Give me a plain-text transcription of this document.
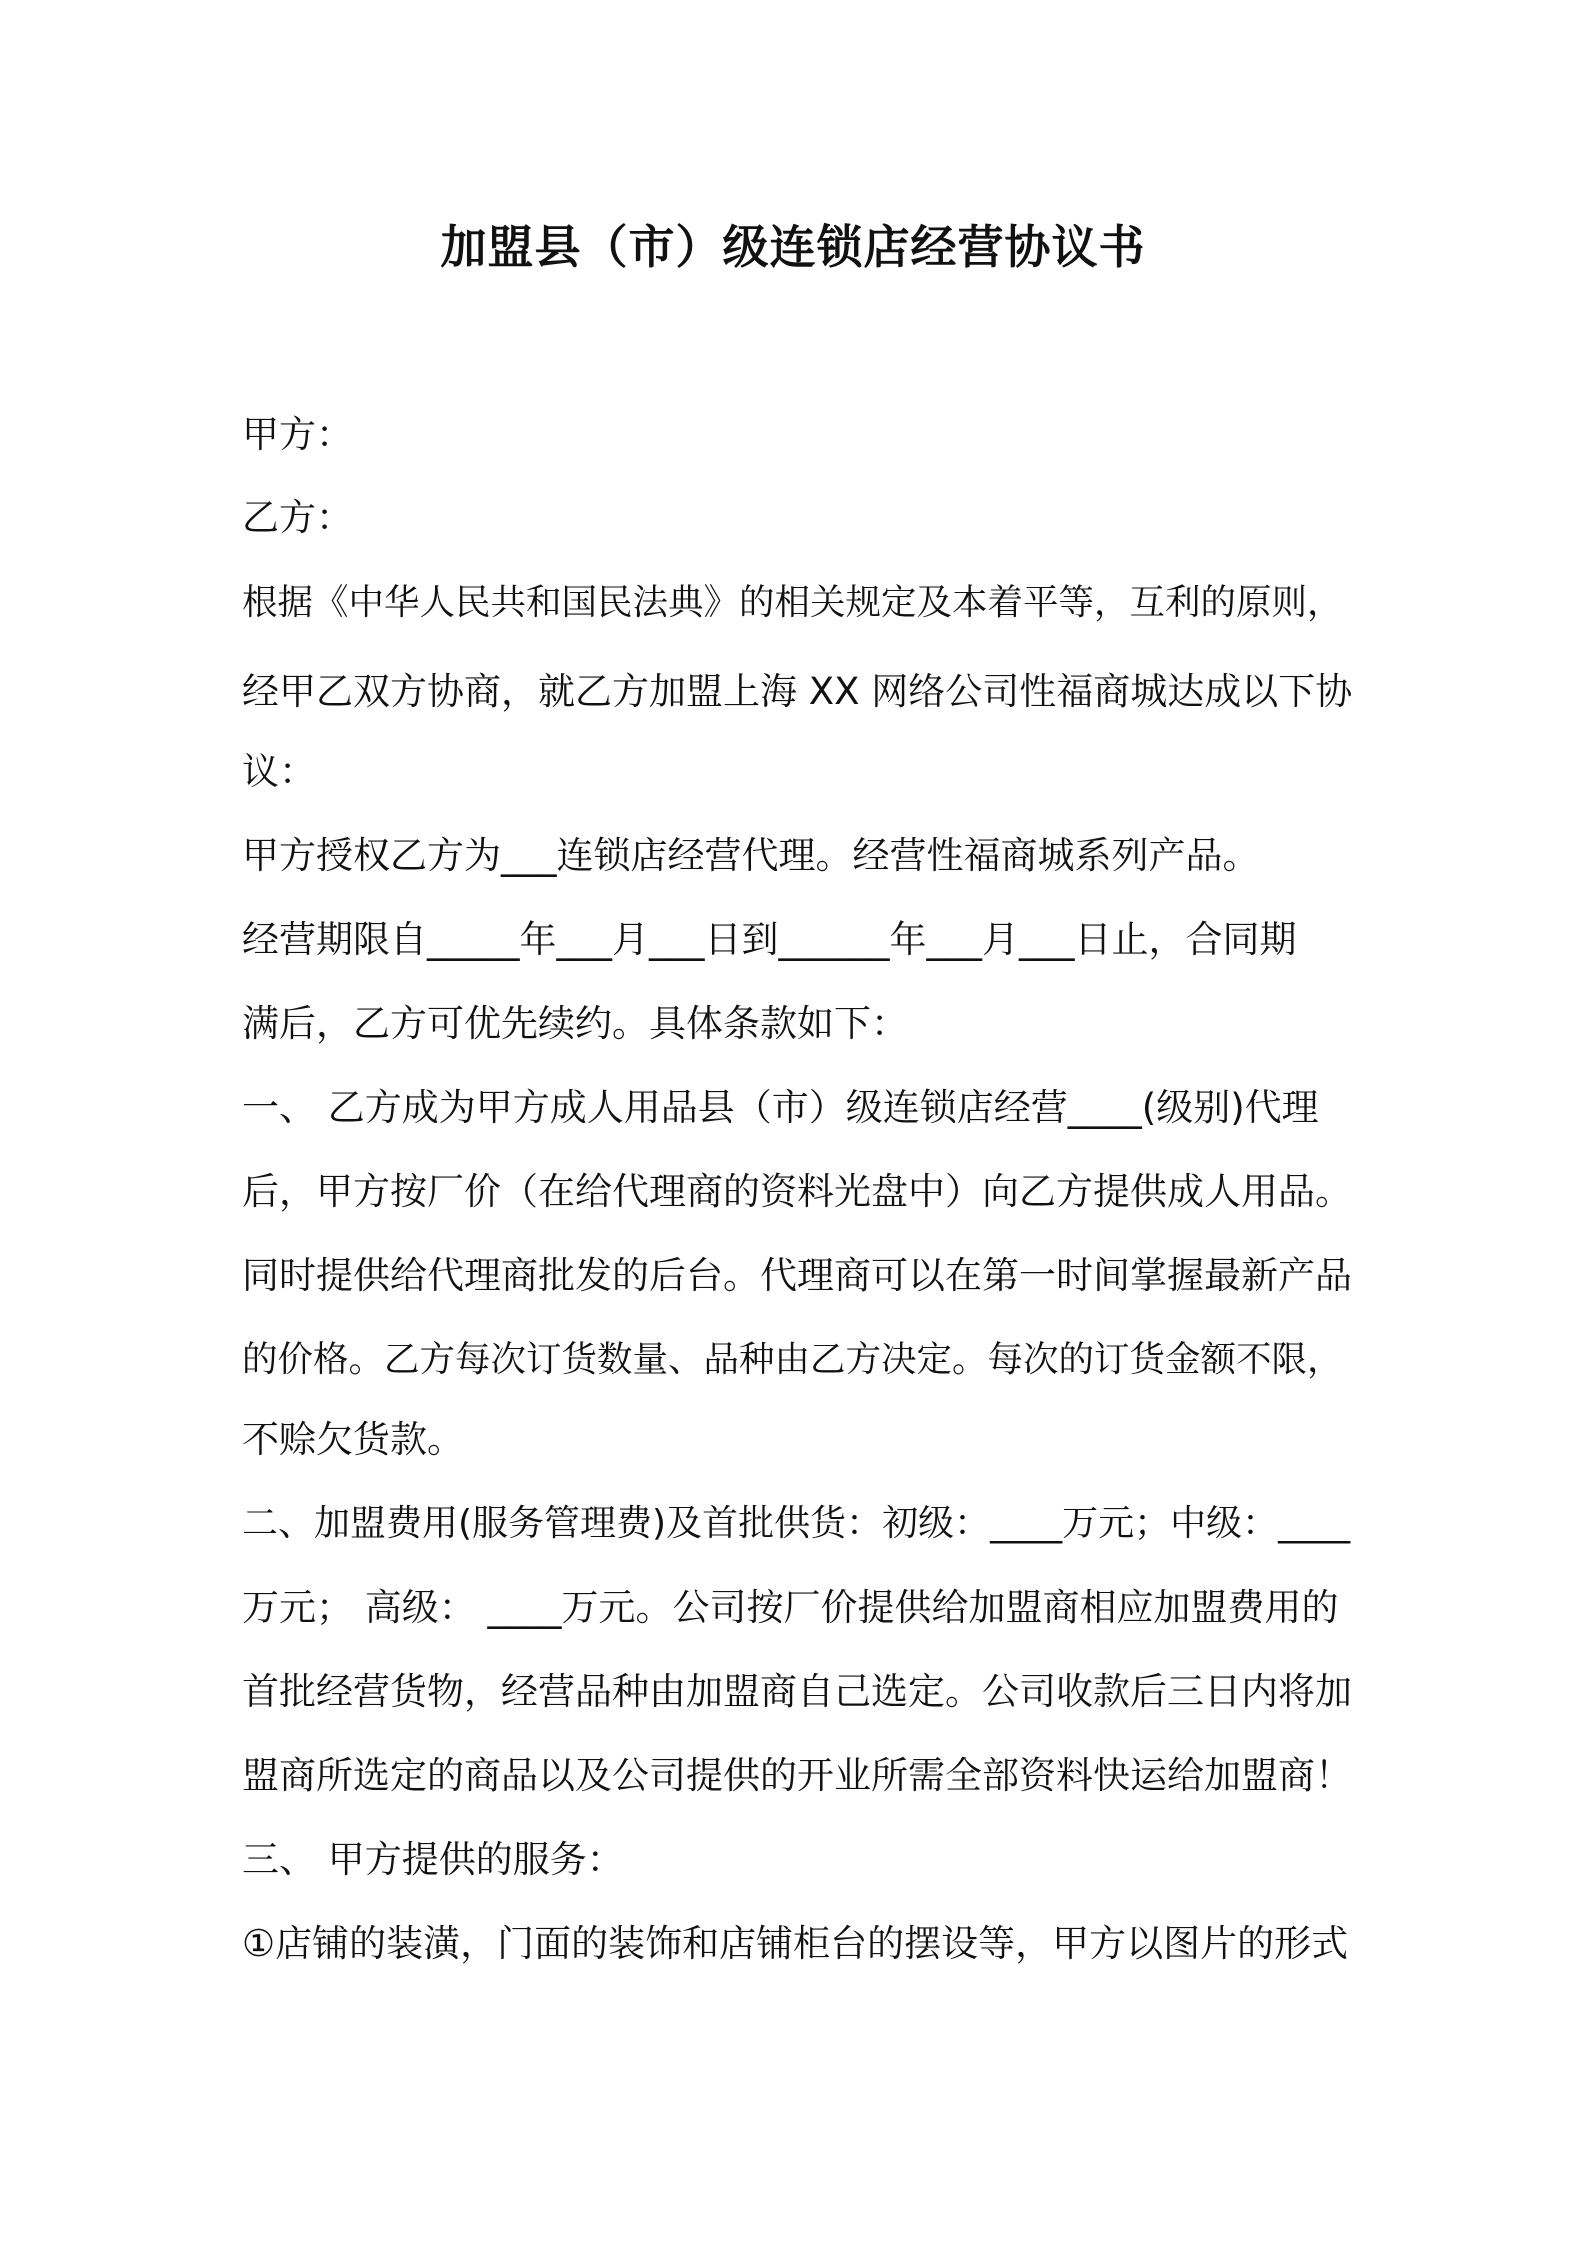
加盟县（市）级连锁店经营协议书
甲方：
乙方：
根据《中华人民共和国民法典》的相关规定及本着平等，互利的原则，
经甲乙双方协商，就乙方加盟上海 XX 网络公司性福商城达成以下协
议：
甲方授权乙方为___连锁店经营代理。经营性福商城系列产品。
经营期限自_____年___月___日到______年___月___日止，合同期
满后，乙方可优先续约。具体条款如下：
一、 乙方成为甲方成人用品县（市）级连锁店经营____(级别)代理
后，甲方按厂价（在给代理商的资料光盘中）向乙方提供成人用品。
同时提供给代理商批发的后台。代理商可以在第一时间掌握最新产品
的价格。乙方每次订货数量、品种由乙方决定。每次的订货金额不限，
不赊欠货款。
二、加盟费用(服务管理费)及首批供货：初级：____万元；中级：____
万元； 高级： ____万元。公司按厂价提供给加盟商相应加盟费用的
首批经营货物，经营品种由加盟商自己选定。公司收款后三日内将加
盟商所选定的商品以及公司提供的开业所需全部资料快运给加盟商！
三、 甲方提供的服务：
①店铺的装潢，门面的装饰和店铺柜台的摆设等，甲方以图片的形式
